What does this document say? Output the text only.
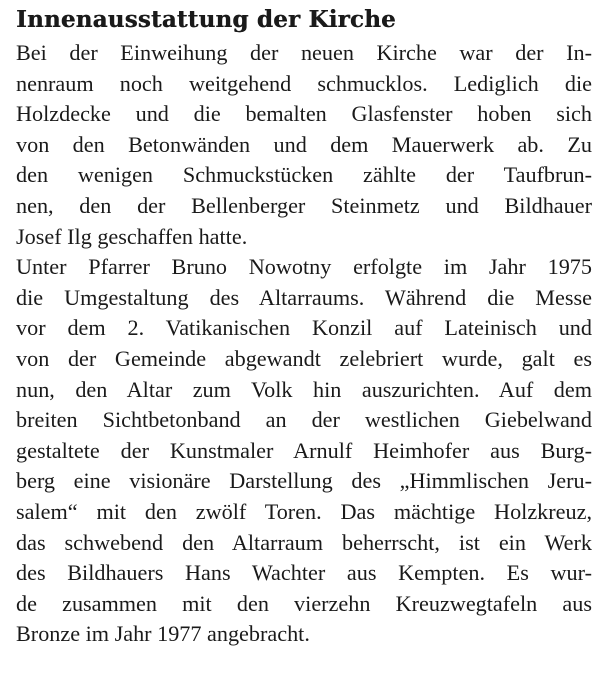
Innenausstattung der Kirche

Bei der Einweihung der neuen Kirche war der In-
nenraum noch weitgehend schmucklos. Lediglich die
Holzdecke und die bemalten Glasfenster hoben sich
von den Betonwänden und dem Mauerwerk ab. Zu
den wenigen Schmuckstücken zählte der Taufbrun-
nen, den der Bellenberger Steinmetz und Bildhauer
Josef Ilg geschaffen hatte.

Unter Pfarrer Bruno Nowotny erfolgte im Jahr 1975
die Umgestaltung des Altarraums. Während die Messe
vor dem 2. Vatikanischen Konzil auf Lateinisch und
von der Gemeinde abgewandt zelebriert wurde, galt es
nun, den Altar zum Volk hin auszurichten. Auf dem
breiten Sichtbetonband an der westlichen Giebelwand
gestaltete der Kunstmaler Arnulf Heimhofer aus Burg-
berg eine visionäre Darstellung des „Himmlischen Jeru-
salem“ mit den zwölf Toren. Das mächtige Holzkreuz,
das schwebend den Altarraum beherrscht, ist ein Werk
des Bildhauers Hans Wachter aus Kempten. Es wur-
de zusammen mit den vierzehn Kreuzwegtafeln aus
Bronze im Jahr 1977 angebracht.
